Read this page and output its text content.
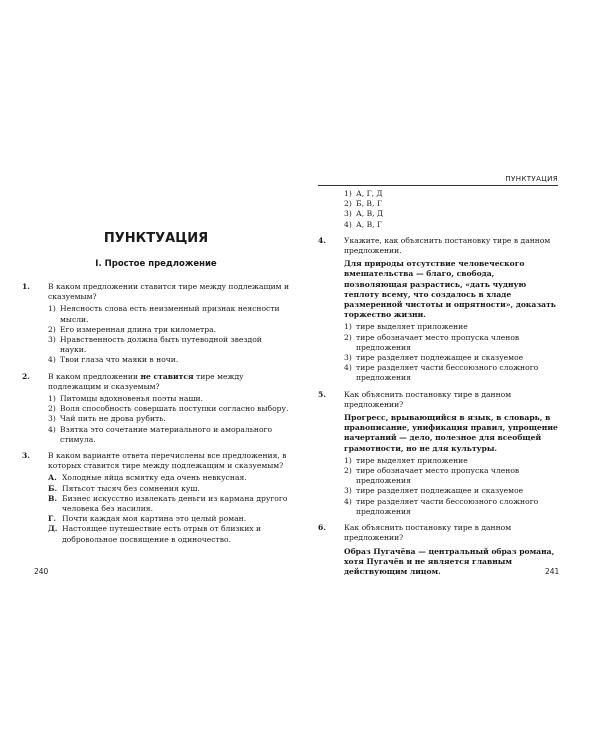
ПУНКТУАЦИЯ
ПУНКТУАЦИЯ
I. Простое предложение
1. В каком предложении ставится тире между подлежащим и сказуемым?
1) Неясность слова есть неизменный признак неясности мысли.
2) Его измеренная длина три километра.
3) Нравственность должна быть путеводной звездой науки.
4) Твои глаза что маяки в ночи.
2. В каком предложении не ставится тире между подлежащим и сказуемым?
1) Питомцы вдохновенья поэты наши.
2) Воля способность совершать поступки согласно выбору.
3) Чай пить не дрова рубить.
4) Взятка это сочетание материального и аморального стимула.
3. В каком варианте ответа перечислены все предложения, в которых ставится тире между подлежащим и сказуемым?
А. Холодные яйца всмятку еда очень невкусная.
Б. Пятьсот тысяч без сомнения куш.
В. Бизнес искусство извлекать деньги из кармана другого человека без насилия.
Г. Почти каждая моя картина это целый роман.
Д. Настоящее путешествие есть отрыв от близких и добровольное посвящение в одиночество.
240
1) А, Г, Д
2) Б, В, Г
3) А, В, Д
4) А, В, Г
4. Укажите, как объяснить постановку тире в данном предложении.
Для природы отсутствие человеческого вмешательства — благо, свобода, позволяющая разрастись, «дать чудную теплоту всему, что создалось в хладе размеренной чистоты и опрятности», доказать торжество жизни.
1) тире выделяет приложение
2) тире обозначает место пропуска членов предложения
3) тире разделяет подлежащее и сказуемое
4) тире разделяет части бессоюзного сложного предложения
5. Как объяснить постановку тире в данном предложении?
Прогресс, врывающийся в язык, в словарь, в правописание, унификация правил, упрощение начертаний — дело, полезное для всеобщей грамотности, но не для культуры.
1) тире выделяет приложение
2) тире обозначает место пропуска членов предложения
3) тире разделяет подлежащее и сказуемое
4) тире разделяет части бессоюзного сложного предложения
6. Как объяснить постановку тире в данном предложении?
Образ Пугачёва — центральный образ романа, хотя Пугачёв и не является главным действующим лицом.	241
